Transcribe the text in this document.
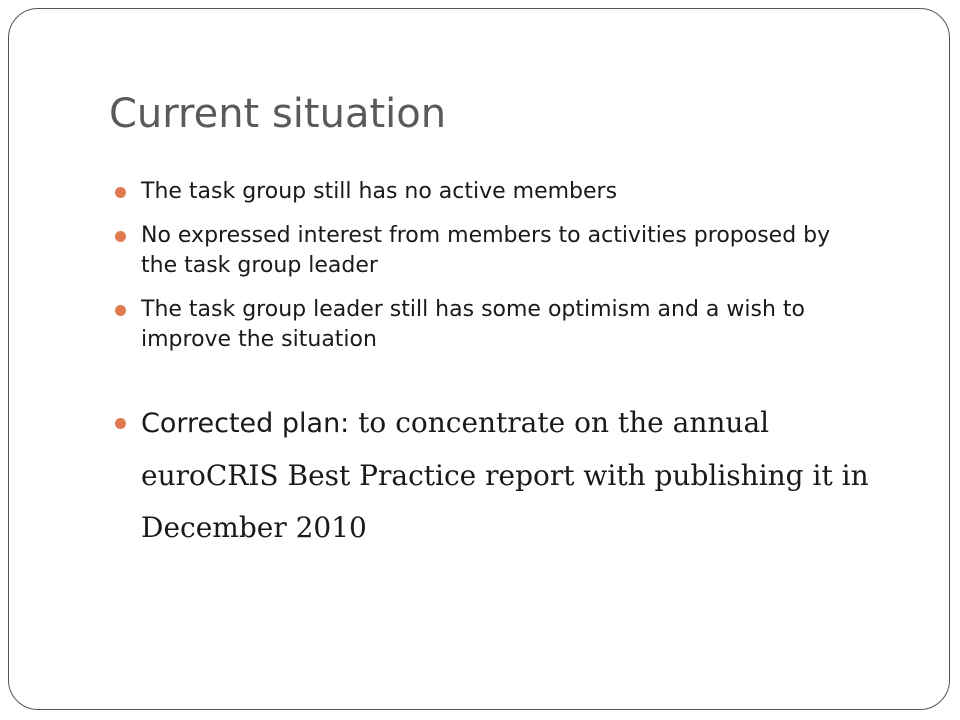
Current situation
The task group still has no active members
No expressed interest from members to activities proposed by the task group leader
The task group leader still has some optimism and a wish to improve the situation
Corrected plan: to concentrate on the annual euroCRIS Best Practice report with publishing it in December 2010
